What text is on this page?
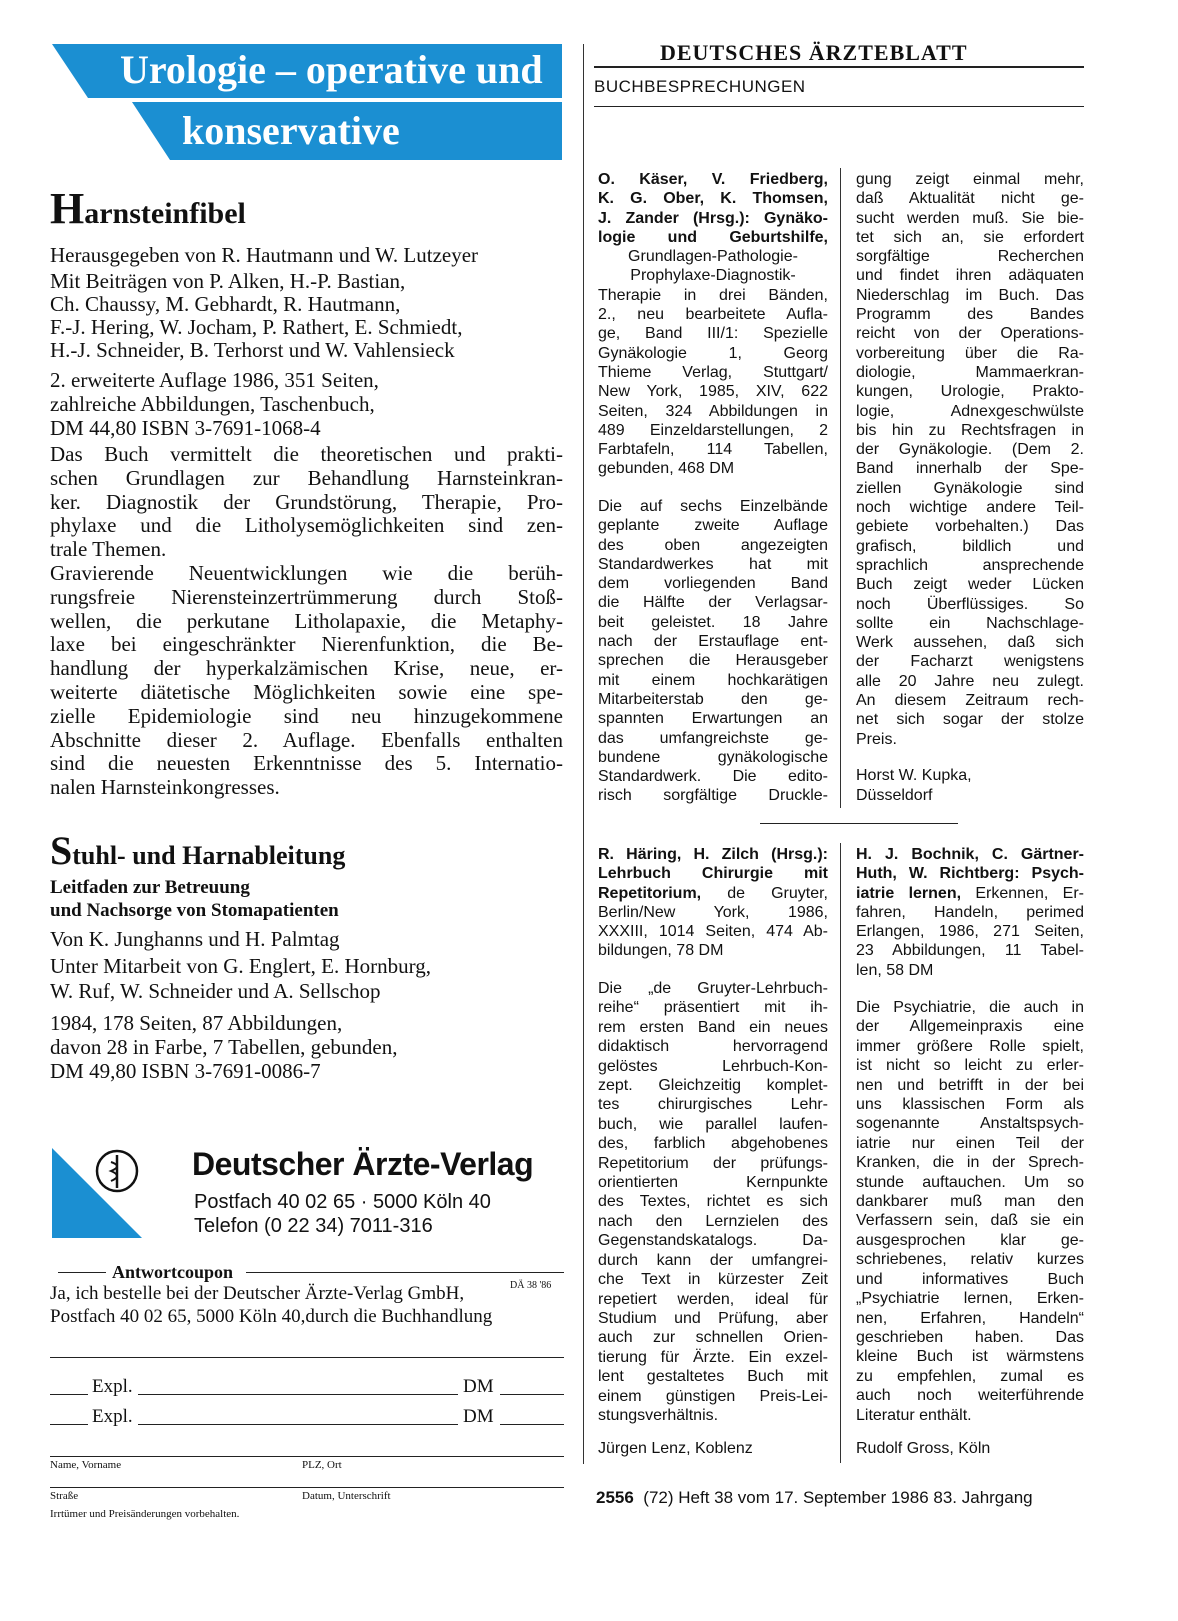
Urologie – operative und
konservative Therapie
Harnsteinfibel
Herausgegeben von R. Hautmann und W. Lutzeyer
Mit Beiträgen von P. Alken, H.-P. Bastian,
Ch. Chaussy, M. Gebhardt, R. Hautmann,
F.-J. Hering, W. Jocham, P. Rathert, E. Schmiedt,
H.-J. Schneider, B. Terhorst und W. Vahlensieck
2. erweiterte Auflage 1986, 351 Seiten,
zahlreiche Abbildungen, Taschenbuch,
DM 44,80 ISBN 3-7691-1068-4
Das Buch vermittelt die theoretischen und prakti-
schen Grundlagen zur Behandlung Harnsteinkran-
ker. Diagnostik der Grundstörung, Therapie, Pro-
phylaxe und die Litholysemöglichkeiten sind zen-
trale Themen.
Gravierende Neuentwicklungen wie die berüh-
rungsfreie Nierensteinzertrümmerung durch Stoß-
wellen, die perkutane Litholapaxie, die Metaphy-
laxe bei eingeschränkter Nierenfunktion, die Be-
handlung der hyperkalzämischen Krise, neue, er-
weiterte diätetische Möglichkeiten sowie eine spe-
zielle Epidemiologie sind neu hinzugekommene
Abschnitte dieser 2. Auflage. Ebenfalls enthalten
sind die neuesten Erkenntnisse des 5. Internatio-
nalen Harnsteinkongresses.
Stuhl- und Harnableitung
Leitfaden zur Betreuung
und Nachsorge von Stomapatienten
Von K. Junghanns und H. Palmtag
Unter Mitarbeit von G. Englert, E. Hornburg,
W. Ruf, W. Schneider und A. Sellschop
1984, 178 Seiten, 87 Abbildungen,
davon 28 in Farbe, 7 Tabellen, gebunden,
DM 49,80 ISBN 3-7691-0086-7
Deutscher Ärzte-Verlag
Postfach 40 02 65 · 5000 Köln 40
Telefon (0 22 34) 7011-316
Antwortcoupon
DÄ 38 '86
Ja, ich bestelle bei der Deutscher Ärzte-Verlag GmbH,
Postfach 40 02 65, 5000 Köln 40,durch die Buchhandlung
Expl.	DM
Expl.	DM
Name, Vorname	PLZ, Ort
Straße	Datum, Unterschrift
Irrtümer und Preisänderungen vorbehalten.
DEUTSCHES ÄRZTEBLATT
BUCHBESPRECHUNGEN
O. Käser, V. Friedberg,
K. G. Ober, K. Thomsen,
J. Zander (Hrsg.): Gynäko-
logie und Geburtshilfe,
Grundlagen-Pathologie-
Prophylaxe-Diagnostik-
Therapie in drei Bänden,
2., neu bearbeitete Aufla-
ge, Band III/1: Spezielle
Gynäkologie 1, Georg
Thieme Verlag, Stuttgart/
New York, 1985, XIV, 622
Seiten, 324 Abbildungen in
489 Einzeldarstellungen, 2
Farbtafeln, 114 Tabellen,
gebunden, 468 DM
Die auf sechs Einzelbände
geplante zweite Auflage
des oben angezeigten
Standardwerkes hat mit
dem vorliegenden Band
die Hälfte der Verlagsar-
beit geleistet. 18 Jahre
nach der Erstauflage ent-
sprechen die Herausgeber
mit einem hochkarätigen
Mitarbeiterstab den ge-
spannten Erwartungen an
das umfangreichste ge-
bundene gynäkologische
Standardwerk. Die edito-
risch sorgfältige Druckle-
gung zeigt einmal mehr,
daß Aktualität nicht ge-
sucht werden muß. Sie bie-
tet sich an, sie erfordert
sorgfältige Recherchen
und findet ihren adäquaten
Niederschlag im Buch. Das
Programm des Bandes
reicht von der Operations-
vorbereitung über die Ra-
diologie, Mammaerkran-
kungen, Urologie, Prakto-
logie, Adnexgeschwülste
bis hin zu Rechtsfragen in
der Gynäkologie. (Dem 2.
Band innerhalb der Spe-
ziellen Gynäkologie sind
noch wichtige andere Teil-
gebiete vorbehalten.) Das
grafisch, bildlich und
sprachlich ansprechende
Buch zeigt weder Lücken
noch Überflüssiges. So
sollte ein Nachschlage-
Werk aussehen, daß sich
der Facharzt wenigstens
alle 20 Jahre neu zulegt.
An diesem Zeitraum rech-
net sich sogar der stolze
Preis.
Horst W. Kupka,
Düsseldorf
R. Häring, H. Zilch (Hrsg.):
Lehrbuch Chirurgie mit
Repetitorium, de Gruyter,
Berlin/New York, 1986,
XXXIII, 1014 Seiten, 474 Ab-
bildungen, 78 DM
Die „de Gruyter-Lehrbuch-
reihe“ präsentiert mit ih-
rem ersten Band ein neues
didaktisch hervorragend
gelöstes Lehrbuch-Kon-
zept. Gleichzeitig komplet-
tes chirurgisches Lehr-
buch, wie parallel laufen-
des, farblich abgehobenes
Repetitorium der prüfungs-
orientierten Kernpunkte
des Textes, richtet es sich
nach den Lernzielen des
Gegenstandskatalogs. Da-
durch kann der umfangrei-
che Text in kürzester Zeit
repetiert werden, ideal für
Studium und Prüfung, aber
auch zur schnellen Orien-
tierung für Ärzte. Ein exzel-
lent gestaltetes Buch mit
einem günstigen Preis-Lei-
stungsverhältnis.
Jürgen Lenz, Koblenz
H. J. Bochnik, C. Gärtner-
Huth, W. Richtberg: Psych-
iatrie lernen, Erkennen, Er-
fahren, Handeln, perimed
Erlangen, 1986, 271 Seiten,
23 Abbildungen, 11 Tabel-
len, 58 DM
Die Psychiatrie, die auch in
der Allgemeinpraxis eine
immer größere Rolle spielt,
ist nicht so leicht zu erler-
nen und betrifft in der bei
uns klassischen Form als
sogenannte Anstaltspsych-
iatrie nur einen Teil der
Kranken, die in der Sprech-
stunde auftauchen. Um so
dankbarer muß man den
Verfassern sein, daß sie ein
ausgesprochen klar ge-
schriebenes, relativ kurzes
und informatives Buch
„Psychiatrie lernen, Erken-
nen, Erfahren, Handeln“
geschrieben haben. Das
kleine Buch ist wärmstens
zu empfehlen, zumal es
auch noch weiterführende
Literatur enthält.
Rudolf Gross, Köln
2556 (72) Heft 38 vom 17. September 1986 83. Jahrgang
